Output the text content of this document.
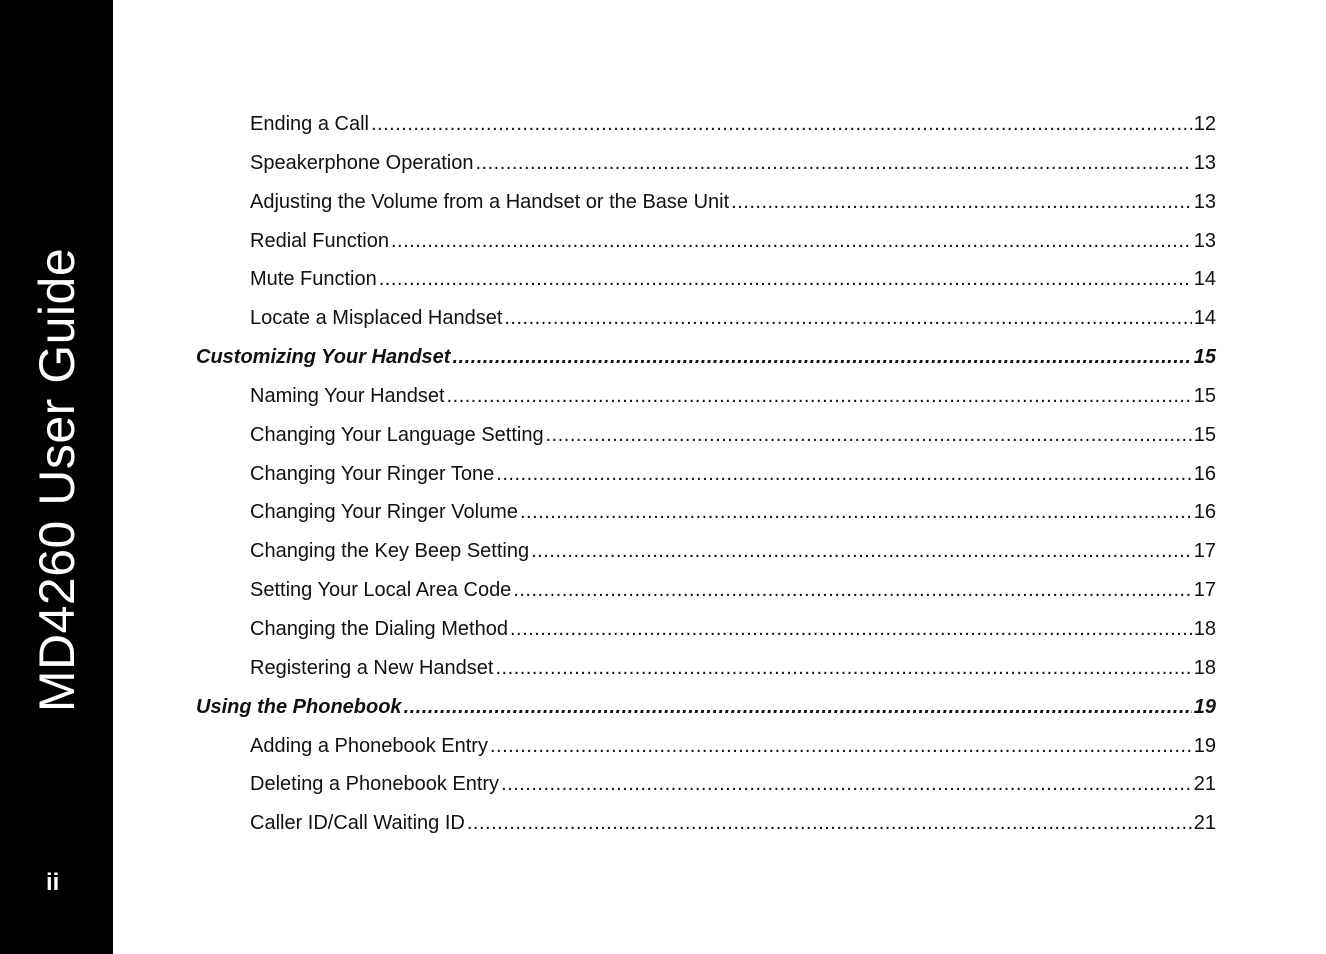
MD4260 User Guide
ii
Ending a Call .....	12
Speakerphone Operation .....	13
Adjusting the Volume from a Handset or the Base Unit .....	13
Redial Function .....	13
Mute Function .....	14
Locate a Misplaced Handset .....	14
Customizing Your Handset .....	15
Naming Your Handset .....	15
Changing Your Language Setting .....	15
Changing Your Ringer Tone .....	16
Changing Your Ringer Volume .....	16
Changing the Key Beep Setting .....	17
Setting Your Local Area Code .....	17
Changing the Dialing Method .....	18
Registering a New Handset .....	18
Using the Phonebook .....	19
Adding a Phonebook Entry .....	19
Deleting a Phonebook Entry .....	21
Caller ID/Call Waiting ID .....	21
